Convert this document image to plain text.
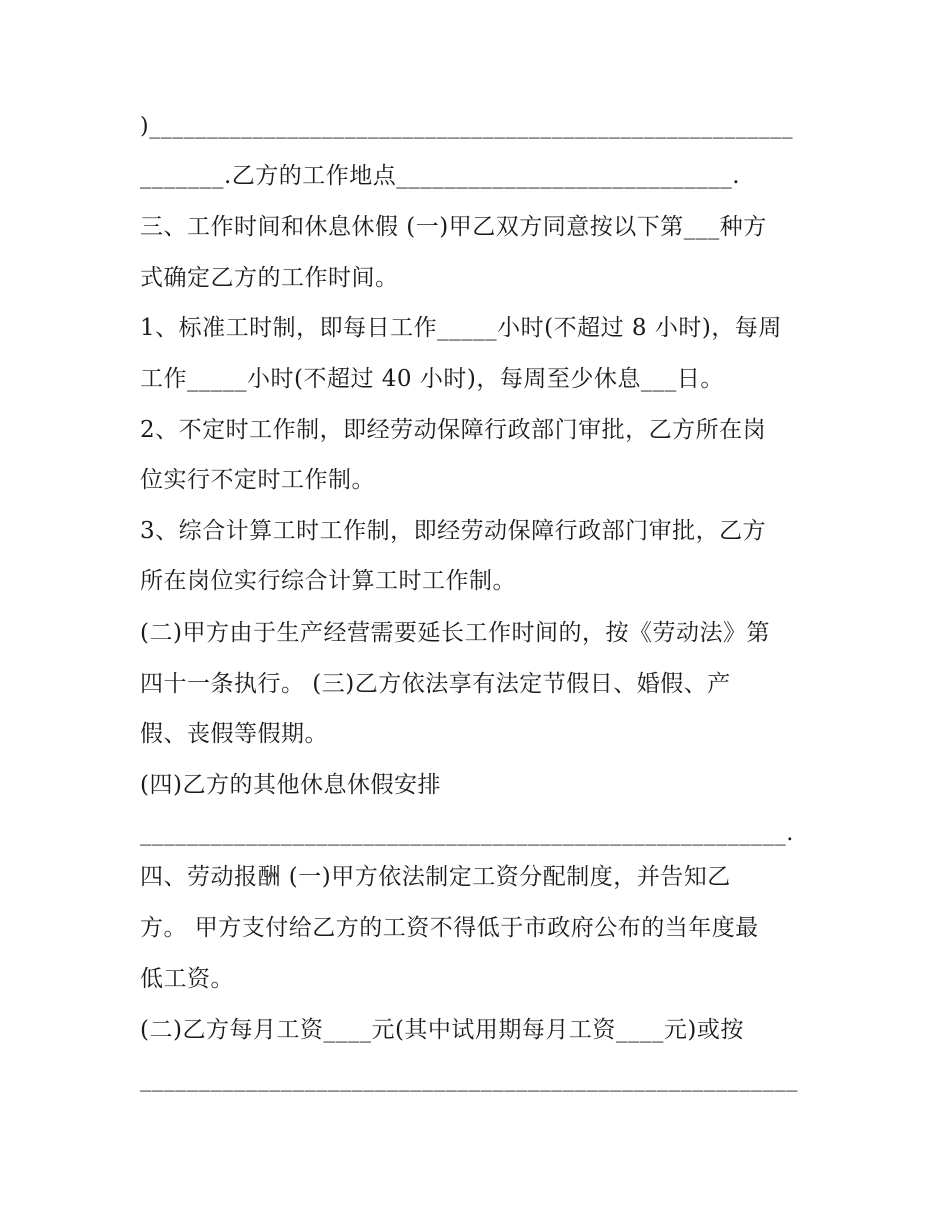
)________________________________________________________
_______.乙方的工作地点____________________________.
三、工作时间和休息休假 (一)甲乙双方同意按以下第___种方
式确定乙方的工作时间。
1、标准工时制，即每日工作_____小时(不超过 8 小时)，每周
工作_____小时(不超过 40 小时)，每周至少休息___日。
2、不定时工作制，即经劳动保障行政部门审批，乙方所在岗
位实行不定时工作制。
3、综合计算工时工作制，即经劳动保障行政部门审批，乙方
所在岗位实行综合计算工时工作制。
(二)甲方由于生产经营需要延长工作时间的，按《劳动法》第
四十一条执行。 (三)乙方依法享有法定节假日、婚假、产
假、丧假等假期。
(四)乙方的其他休息休假安排
_______________________________________________________.
四、劳动报酬 (一)甲方依法制定工资分配制度，并告知乙
方。 甲方支付给乙方的工资不得低于市政府公布的当年度最
低工资。
(二)乙方每月工资____元(其中试用期每月工资____元)或按
________________________________________________________
